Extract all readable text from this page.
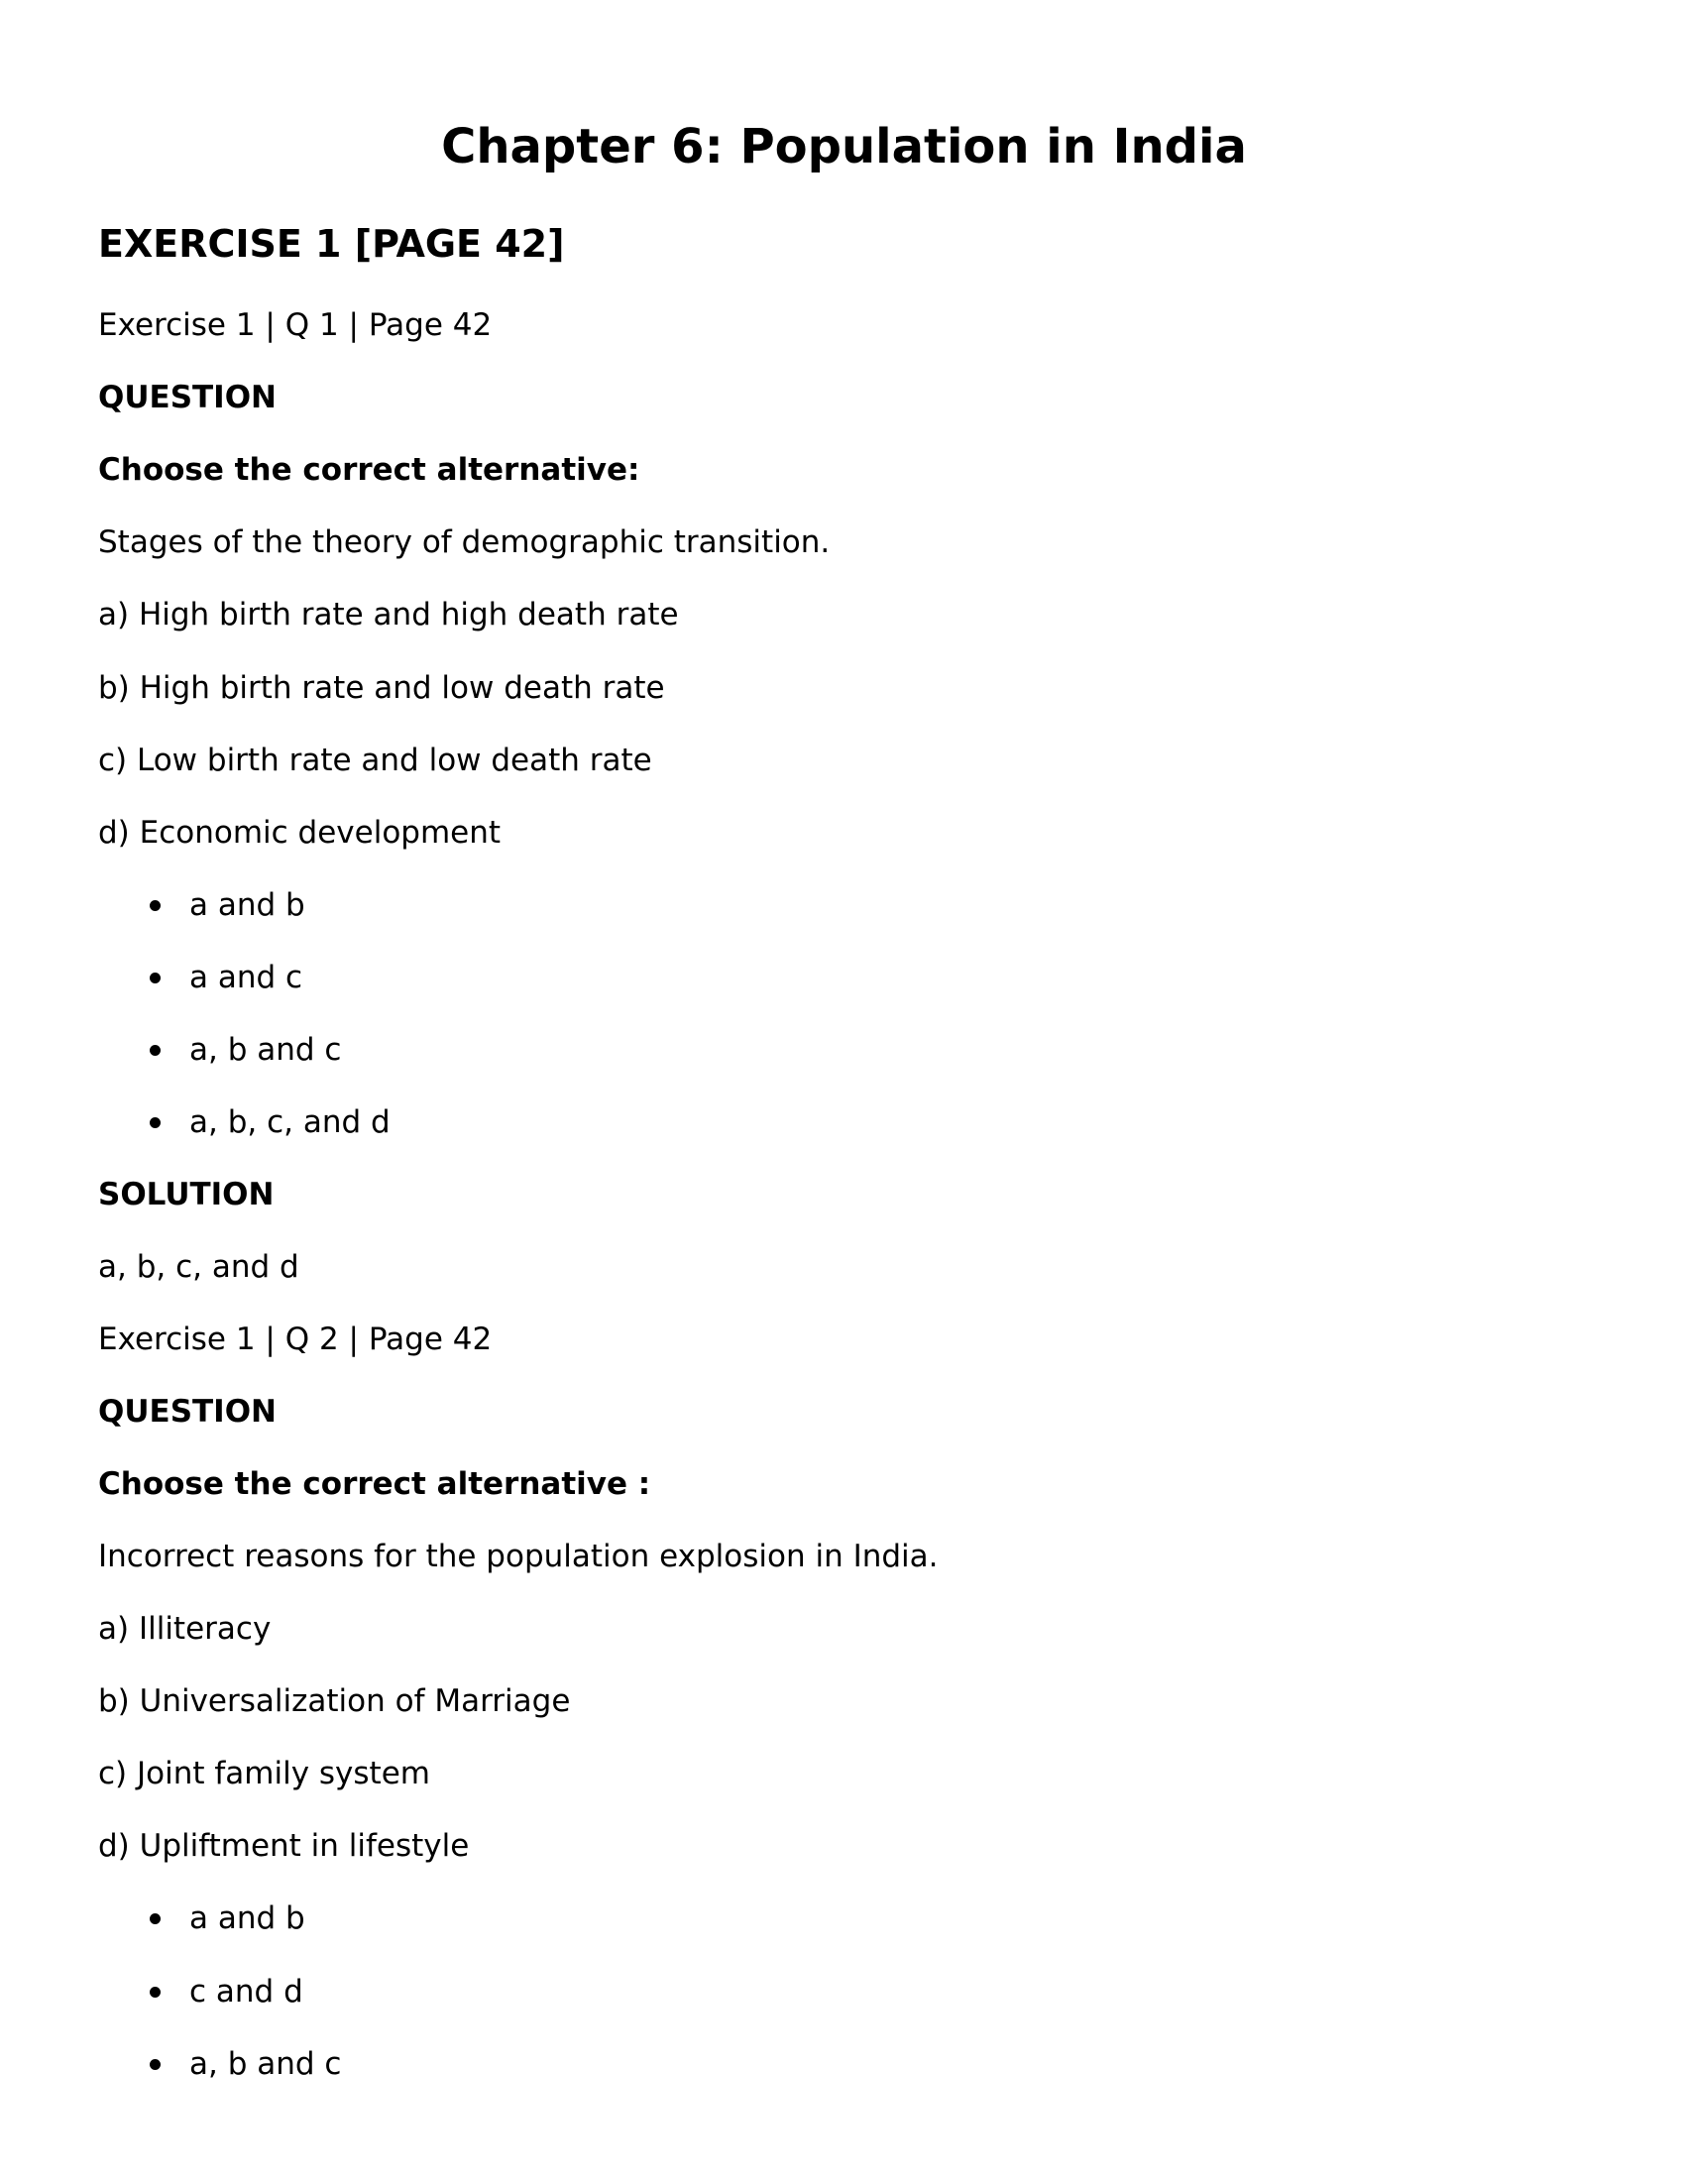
Chapter 6: Population in India
EXERCISE 1 [PAGE 42]
Exercise 1 | Q 1 | Page 42
QUESTION
Choose the correct alternative:
Stages of the theory of demographic transition.
a) High birth rate and high death rate
b) High birth rate and low death rate
c) Low birth rate and low death rate
d) Economic development
a and b
a and c
a, b and c
a, b, c, and d
SOLUTION
a, b, c, and d
Exercise 1 | Q 2 | Page 42
QUESTION
Choose the correct alternative :
Incorrect reasons for the population explosion in India.
a) Illiteracy
b) Universalization of Marriage
c) Joint family system
d) Upliftment in lifestyle
a and b
c and d
a, b and c
